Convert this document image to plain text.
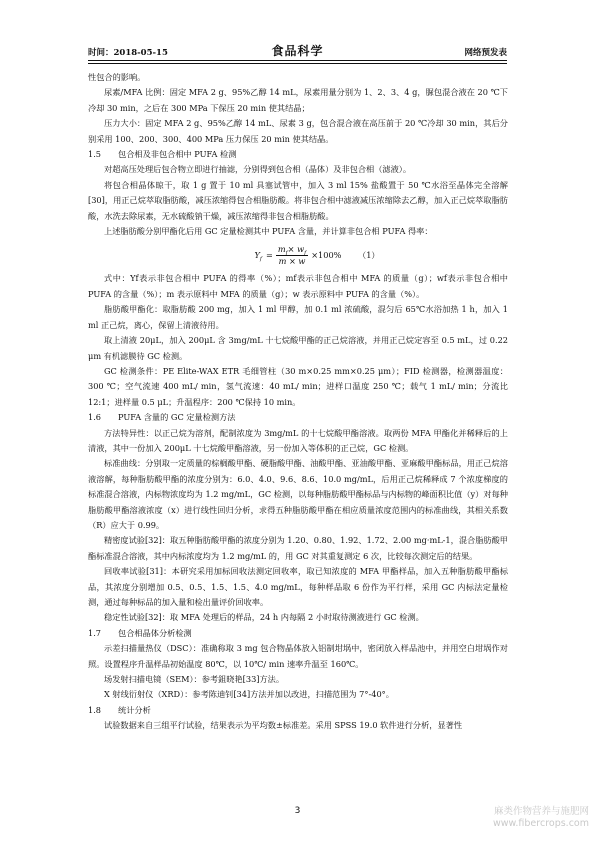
时间：2018-05-15	食品科学	网络预发表

性包合的影响。

尿素/MFA 比例：固定 MFA 2 g、95%乙醇 14 mL，尿素用量分别为 1、2、3、4 g，脲包混合液在 20 ℃下冷却 30 min，之后在 300 MPa 下保压 20 min 使其结晶；

压力大小：固定 MFA 2 g、95%乙醇 14 mL、尿素 3 g，包合混合液在高压前于 20 ℃冷却 30 min，其后分别采用 100、200、300、400 MPa 压力保压 20 min 使其结晶。

1.5	包合相及非包合相中 PUFA 检测

对超高压处理后包合物立即进行抽滤，分别得到包合相（晶体）及非包合相（滤液）。

将包合相晶体晾干，取 1 g 置于 10 ml 具塞试管中，加入 3 ml 15% 盐酸置于 50 ℃水浴至晶体完全溶解[30]，用正己烷萃取脂肪酸，减压浓缩得包合相脂肪酸。将非包合相中滤液减压浓缩除去乙醇，加入正己烷萃取脂肪酸，水洗去除尿素，无水硫酸钠干燥，减压浓缩得非包合相脂肪酸。

上述脂肪酸分别甲酯化后用 GC 定量检测其中 PUFA 含量，并计算非包合相 PUFA 得率：

$Y_f = \frac{m_f\times w_f}{m \times w} \times 100\%$ （1）

式中：Yf表示非包合相中 PUFA 的得率（%）；mf表示非包合相中 MFA 的质量（g）；wf表示非包合相中 PUFA 的含量（%）；m 表示原料中 MFA 的质量（g）；w 表示原料中 PUFA 的含量（%）。

脂肪酸甲酯化：取脂肪酸 200 mg，加入 1 ml 甲醇，加 0.1 ml 浓硫酸，混匀后 65℃水浴加热 1 h，加入 1 ml 正己烷，离心，保留上清液待用。

取上清液 20μL，加入 200μL 含 3mg/mL 十七烷酸甲酯的正己烷溶液，并用正己烷定容至 0.5 mL，过 0.22 μm 有机滤膜待 GC 检测。

GC 检测条件：PE Elite-WAX ETR 毛细管柱（30 m×0.25 mm×0.25 μm）；FID 检测器，检测器温度：300 ℃；空气流速 400 mL/ min，氢气流速：40 mL/ min；进样口温度 250 ℃；载气 1 mL/ min；分流比 12:1；进样量 0.5 μL；升温程序：200 ℃保持 10 min。

1.6	PUFA 含量的 GC 定量检测方法

方法特异性：以正己烷为溶剂，配制浓度为 3mg/mL 的十七烷酸甲酯溶液。取两份 MFA 甲酯化并稀释后的上清液，其中一份加入 200μL 十七烷酸甲酯溶液，另一份加入等体积的正己烷，GC 检测。

标准曲线：分别取一定质量的棕榈酸甲酯、硬脂酸甲酯、油酸甲酯、亚油酸甲酯、亚麻酸甲酯标品，用正己烷溶液溶解，每种脂肪酸甲酯的浓度分别为：6.0、4.0、9.6、8.6、10.0 mg/mL，后用正己烷稀释成 7 个浓度梯度的标准混合溶液，内标物浓度均为 1.2 mg/mL，GC 检测，以每种脂肪酸甲酯标品与内标物的峰面积比值（y）对每种脂肪酸甲酯溶液浓度（x）进行线性回归分析，求得五种脂肪酸甲酯在相应质量浓度范围内的标准曲线，其相关系数（R）应大于 0.99。

精密度试验[32]：取五种脂肪酸甲酯的浓度分别为 1.20、0.80、1.92、1.72、2.00 mg·mL-1，混合脂肪酸甲酯标准混合溶液，其中内标浓度均为 1.2 mg/mL 的，用 GC 对其重复测定 6 次，比较每次测定后的结果。

回收率试验[31]：本研究采用加标回收法测定回收率，取已知浓度的 MFA 甲酯样品，加入五种脂肪酸甲酯标品，其浓度分别增加 0.5、0.5、1.5、1.5、4.0 mg/mL，每种样品取 6 份作为平行样，采用 GC 内标法定量检测，通过每种标品的加入量和检出量评价回收率。

稳定性试验[32]：取 MFA 处理后的样品，24 h 内每隔 2 小时取待测液进行 GC 检测。

1.7	包合相晶体分析检测

示差扫描量热仪（DSC）：准确称取 3 mg 包合物晶体放入铝制坩埚中，密闭放入样品池中，并用空白坩埚作对照。设置程序升温样品初始温度 80℃，以 10℃/ min 速率升温至 160℃。

场发射扫描电镜（SEM）：参考鉏晓艳[33]方法。

X 射线衍射仪（XRD）：参考陈迪钊[34]方法并加以改进，扫描范围为 7°-40°。

1.8	统计分析

试验数据来自三组平行试验，结果表示为平均数±标准差。采用 SPSS 19.0 软件进行分析，显著性

3	麻类作物营养与施肥网
www.fibercrops.com
